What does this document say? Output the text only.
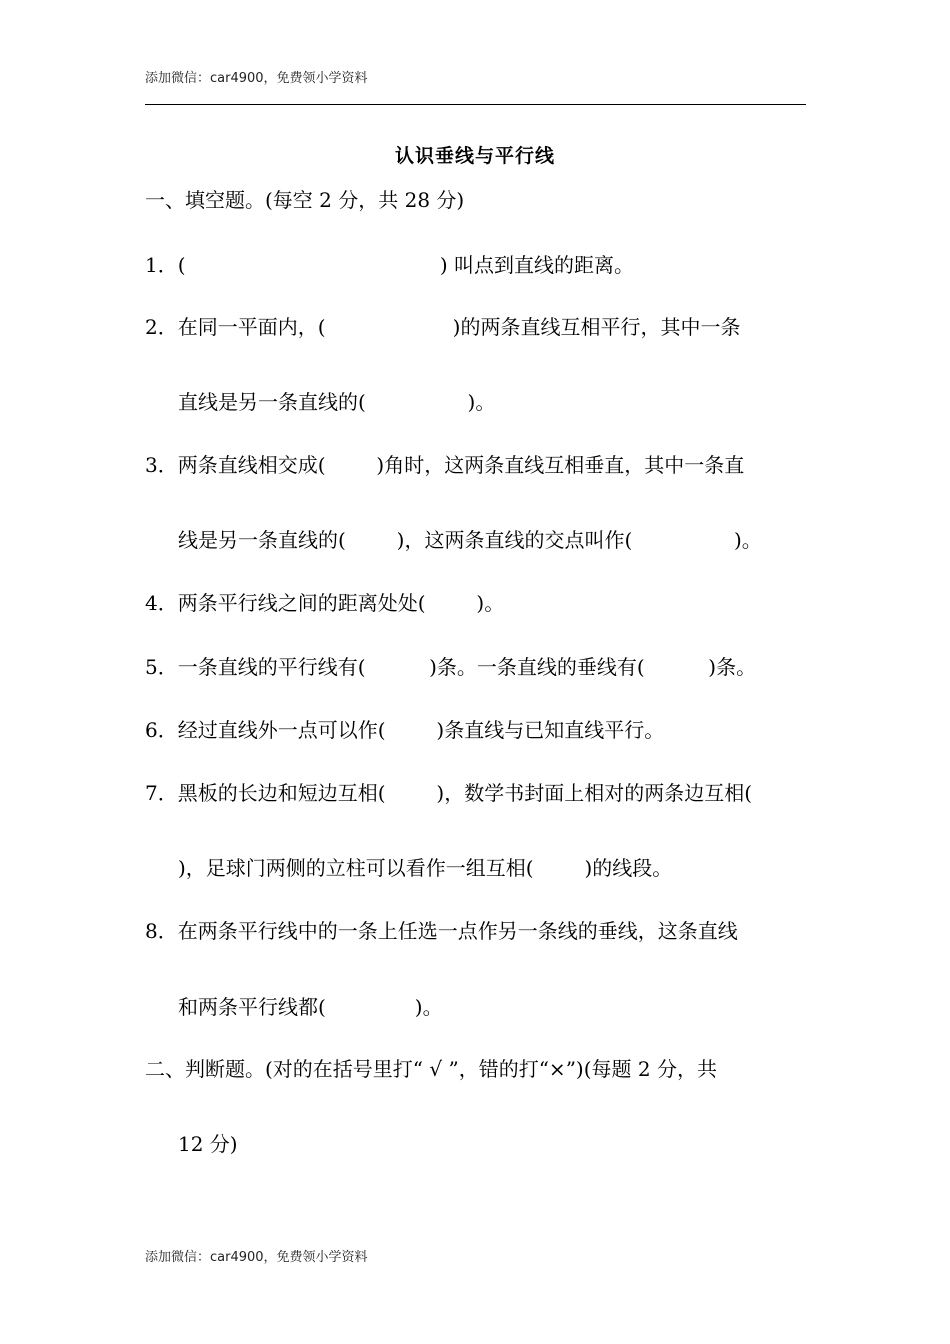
添加微信：car4900，免费领小学资料
认识垂线与平行线
一、填空题。(每空 2 分，共 28 分)
1．(                                        ) 叫点到直线的距离。
2．在同一平面内，(                    )的两条直线互相平行，其中一条
直线是另一条直线的(                )。
3．两条直线相交成(        )角时，这两条直线互相垂直，其中一条直
线是另一条直线的(        )，这两条直线的交点叫作(                )。
4．两条平行线之间的距离处处(        )。
5．一条直线的平行线有(          )条。一条直线的垂线有(          )条。
6．经过直线外一点可以作(        )条直线与已知直线平行。
7．黑板的长边和短边互相(        )，数学书封面上相对的两条边互相(
)，足球门两侧的立柱可以看作一组互相(        )的线段。
8．在两条平行线中的一条上任选一点作另一条线的垂线，这条直线
和两条平行线都(              )。
二、判断题。(对的在括号里打“ √ ”，错的打“×”)(每题 2 分，共
12 分)
添加微信：car4900，免费领小学资料
